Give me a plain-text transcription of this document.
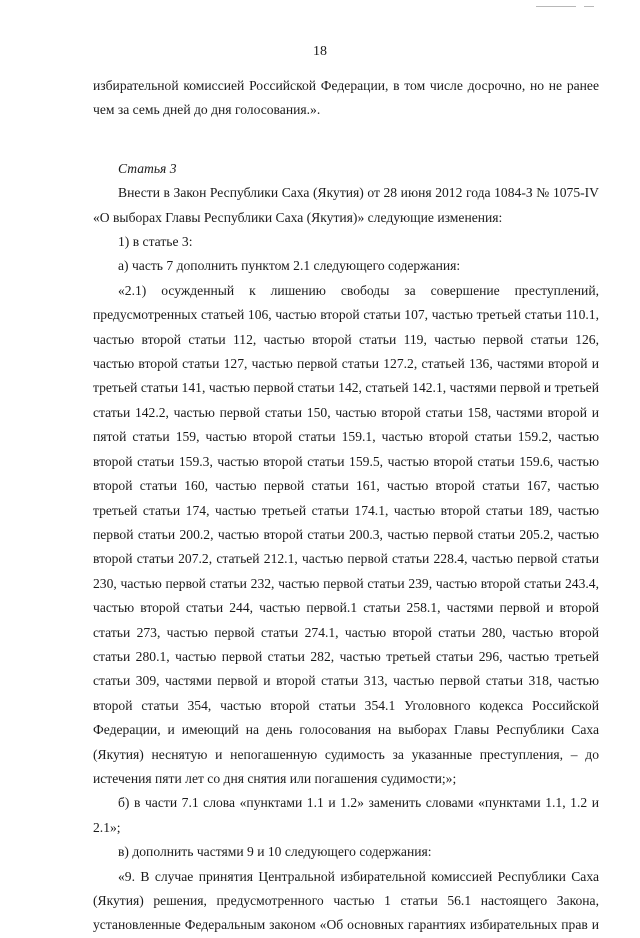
18

избирательной комиссией Российской Федерации, в том числе досрочно, но не ранее чем за семь дней до дня голосования.».

Статья 3

Внести в Закон Республики Саха (Якутия) от 28 июня 2012 года 1084-З № 1075-IV «О выборах Главы Республики Саха (Якутия)» следующие изменения:

1) в статье 3:

а) часть 7 дополнить пунктом 2.1 следующего содержания:

«2.1) осужденный к лишению свободы за совершение преступлений, предусмотренных статьей 106, частью второй статьи 107, частью третьей статьи 110.1, частью второй статьи 112, частью второй статьи 119, частью первой статьи 126, частью второй статьи 127, частью первой статьи 127.2, статьей 136, частями второй и третьей статьи 141, частью первой статьи 142, статьей 142.1, частями первой и третьей статьи 142.2, частью первой статьи 150, частью второй статьи 158, частями второй и пятой статьи 159, частью второй статьи 159.1, частью второй статьи 159.2, частью второй статьи 159.3, частью второй статьи 159.5, частью второй статьи 159.6, частью второй статьи 160, частью первой статьи 161, частью второй статьи 167, частью третьей статьи 174, частью третьей статьи 174.1, частью второй статьи 189, частью первой статьи 200.2, частью второй статьи 200.3, частью первой статьи 205.2, частью второй статьи 207.2, статьей 212.1, частью первой статьи 228.4, частью первой статьи 230, частью первой статьи 232, частью первой статьи 239, частью второй статьи 243.4, частью второй статьи 244, частью первой.1 статьи 258.1, частями первой и второй статьи 273, частью первой статьи 274.1, частью второй статьи 280, частью второй статьи 280.1, частью первой статьи 282, частью третьей статьи 296, частью третьей статьи 309, частями первой и второй статьи 313, частью первой статьи 318, частью второй статьи 354, частью второй статьи 354.1 Уголовного кодекса Российской Федерации, и имеющий на день голосования на выборах Главы Республики Саха (Якутия) неснятую и непогашенную судимость за указанные преступления, – до истечения пяти лет со дня снятия или погашения судимости;»;

б) в части 7.1 слова «пунктами 1.1 и 1.2» заменить словами «пунктами 1.1, 1.2 и 2.1»;

в) дополнить частями 9 и 10 следующего содержания:

«9. В случае принятия Центральной избирательной комиссией Республики Саха (Якутия) решения, предусмотренного частью 1 статьи 56.1 настоящего Закона, установленные Федеральным законом «Об основных гарантиях избирательных прав и
